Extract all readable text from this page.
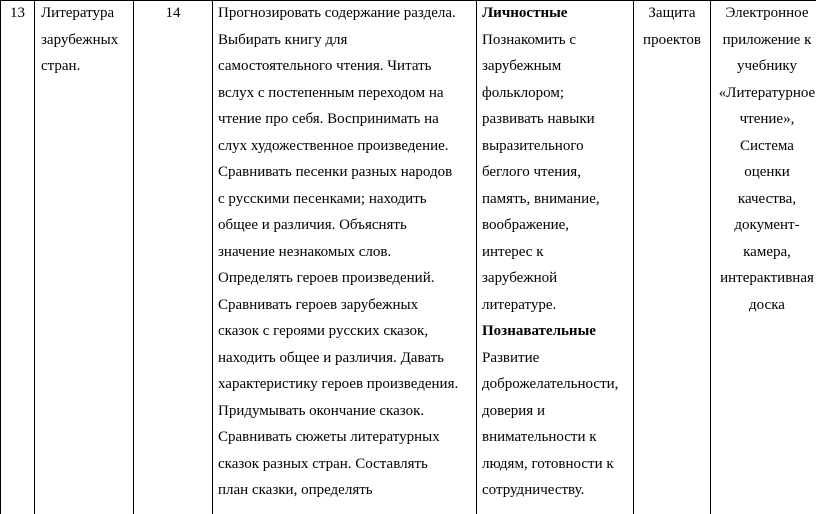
13	Литература
зарубежных
стран.
14	Прогнозировать содержание раздела.
Выбирать книгу для
самостоятельного чтения. Читать
вслух с постепенным переходом на
чтение про себя. Воспринимать на
слух художественное произведение.
Сравнивать песенки разных народов
с русскими песенками; находить
общее и различия. Объяснять
значение незнакомых слов.
Определять героев произведений.
Сравнивать героев зарубежных
сказок с героями русских сказок,
находить общее и различия. Давать
характеристику героев произведения.
Придумывать окончание сказок.
Сравнивать сюжеты литературных
сказок разных стран. Составлять
план сказки, определять
Личностные
Познакомить с
зарубежным
фольклором;
развивать навыки
выразительного
беглого чтения,
память, внимание,
воображение,
интерес к
зарубежной
литературе.
Познавательные
Развитие
доброжелательности,
доверия и
внимательности к
людям, готовности к
сотрудничеству.
Защита
проектов
Электронное
приложение к
учебнику
«Литературное
чтение»,
Система
оценки
качества,
документ-
камера,
интерактивная
доска
